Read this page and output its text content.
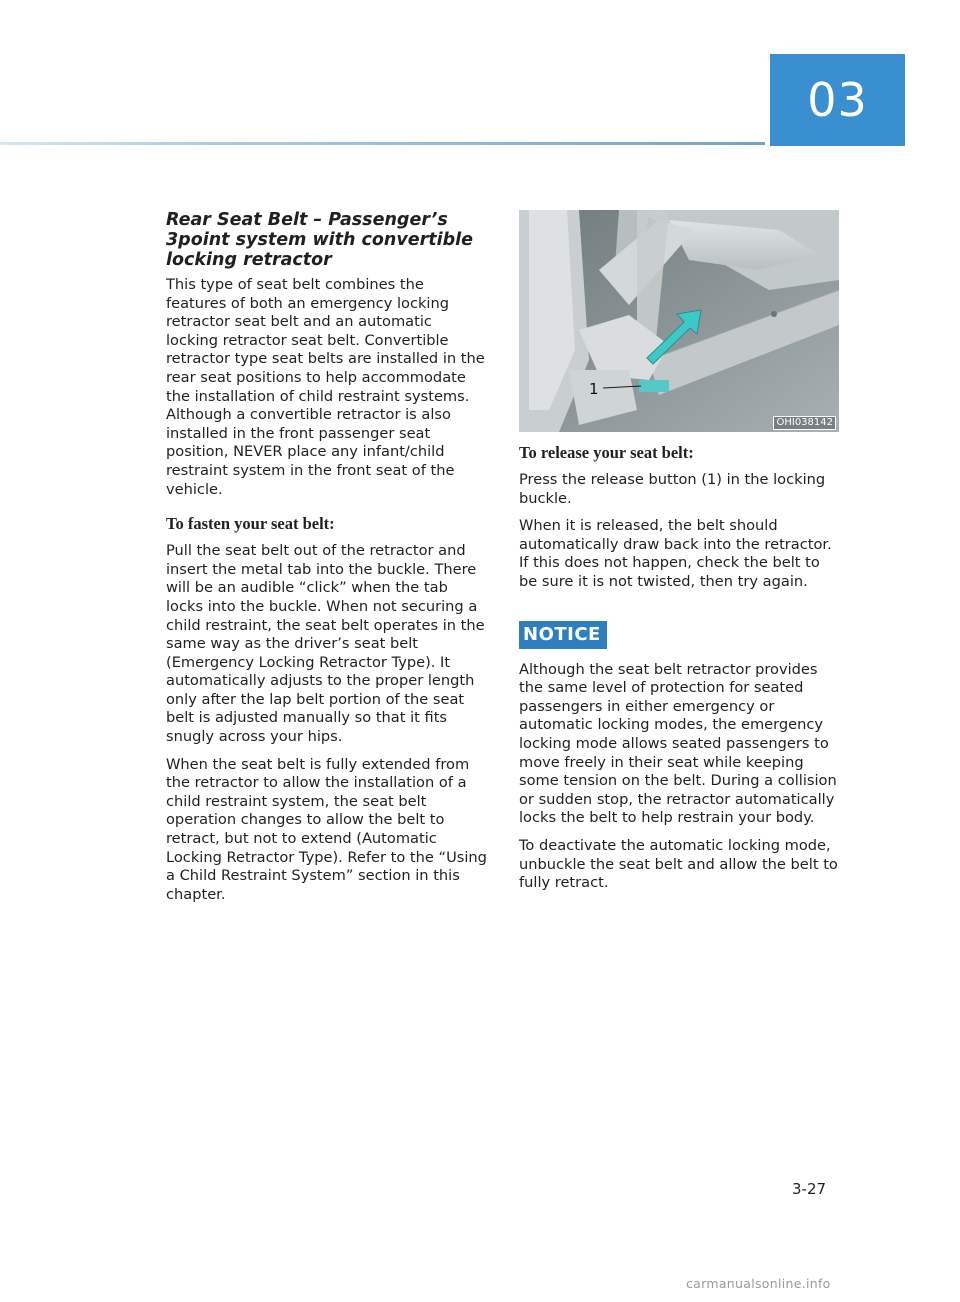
03
Rear Seat Belt – Passenger’s 3point system with convertible locking retractor

This type of seat belt combines the features of both an emergency locking retractor seat belt and an automatic locking retractor seat belt. Convertible retractor type seat belts are installed in the rear seat positions to help accommodate the installation of child restraint systems. Although a convertible retractor is also installed in the front passenger seat position, NEVER place any infant/child restraint system in the front seat of the vehicle.

To fasten your seat belt:

Pull the seat belt out of the retractor and insert the metal tab into the buckle. There will be an audible “click” when the tab locks into the buckle. When not securing a child restraint, the seat belt operates in the same way as the driver’s seat belt (Emergency Locking Retractor Type). It automatically adjusts to the proper length only after the lap belt portion of the seat belt is adjusted manually so that it fits snugly across your hips.

When the seat belt is fully extended from the retractor to allow the installation of a child restraint system, the seat belt operation changes to allow the belt to retract, but not to extend (Automatic Locking Retractor Type). Refer to the “Using a Child Restraint System” section in this chapter.

1
OHI038142
To release your seat belt:

Press the release button (1) in the locking buckle.

When it is released, the belt should automatically draw back into the retractor. If this does not happen, check the belt to be sure it is not twisted, then try again.

NOTICE

Although the seat belt retractor provides the same level of protection for seated passengers in either emergency or automatic locking modes, the emergency locking mode allows seated passengers to move freely in their seat while keeping some tension on the belt. During a collision or sudden stop, the retractor automatically locks the belt to help restrain your body.

To deactivate the automatic locking mode, unbuckle the seat belt and allow the belt to fully retract.

3-27
carmanualsonline.info
